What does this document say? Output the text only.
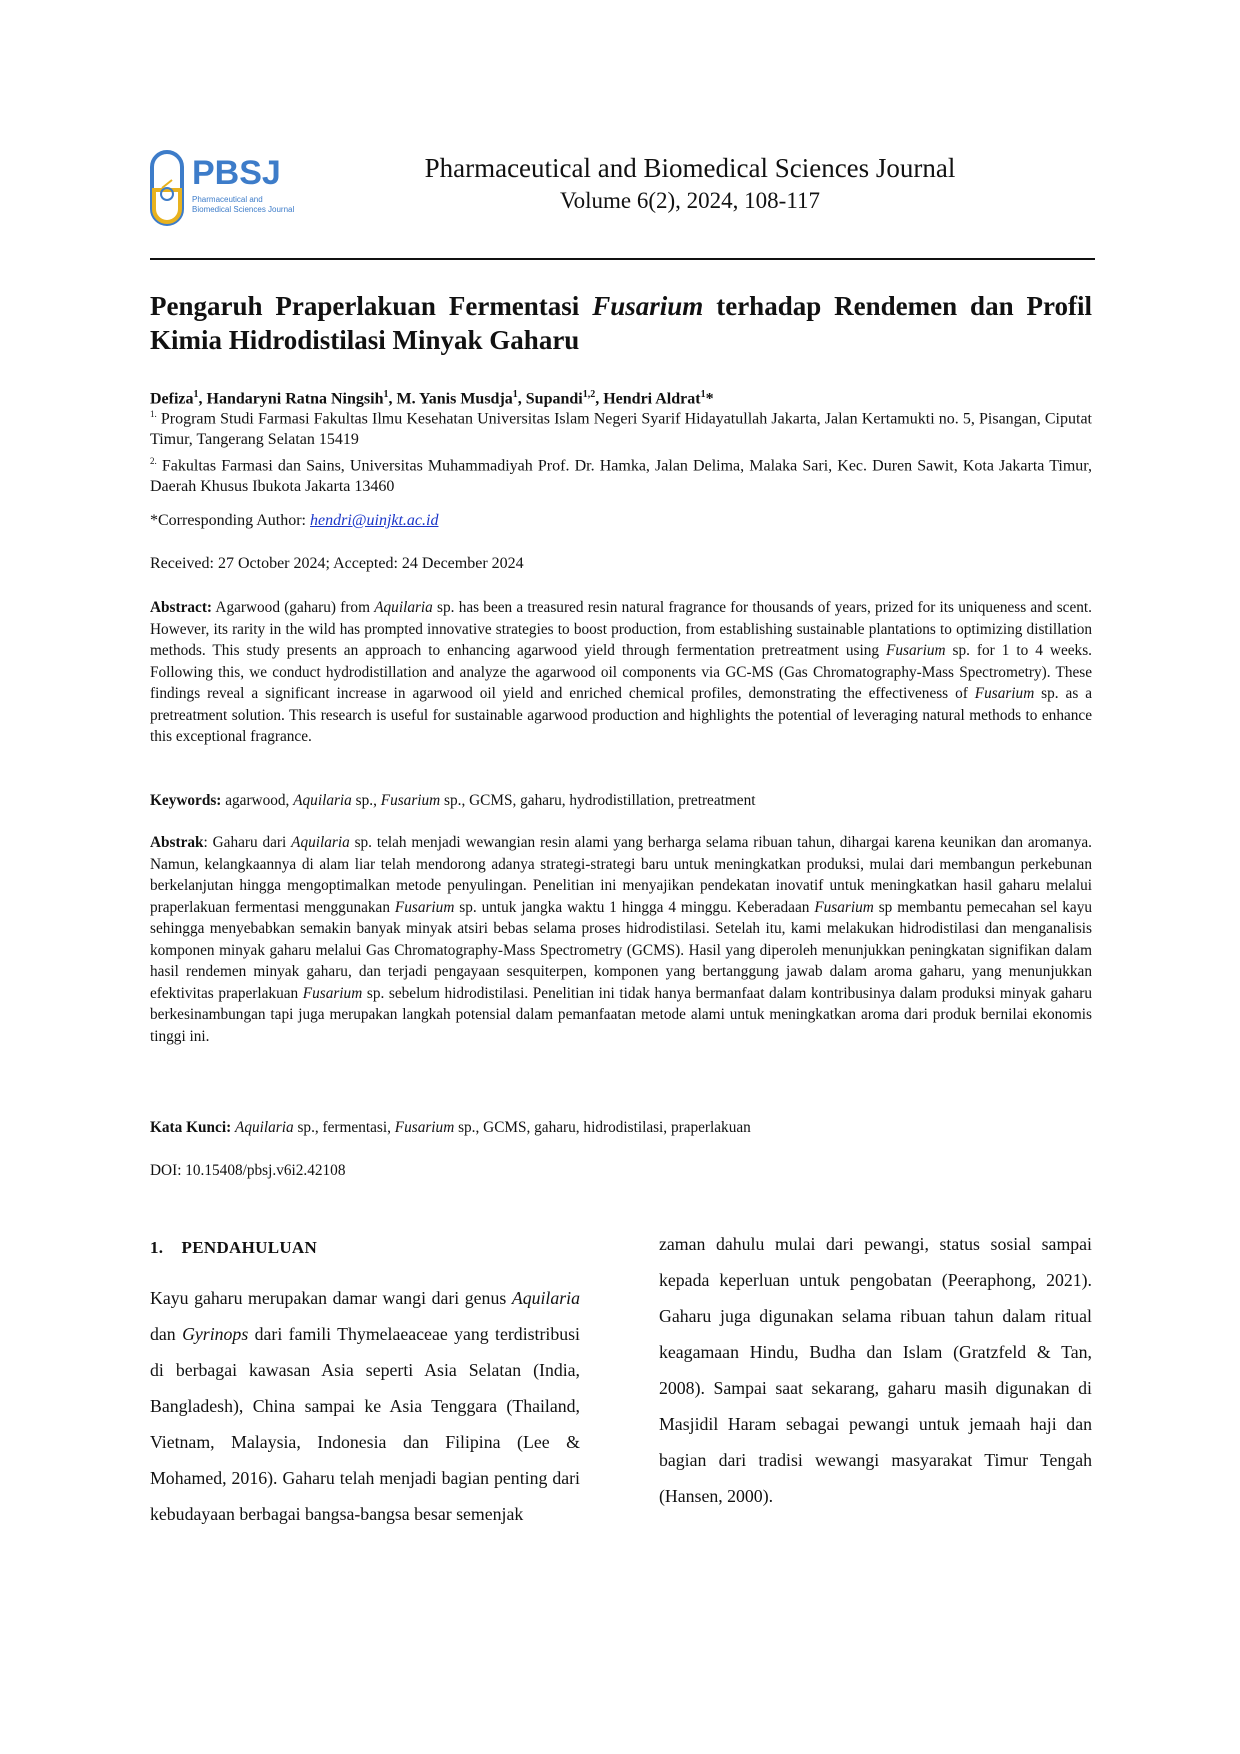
PBSJ
Pharmaceutical and
Biomedical Sciences Journal
Pharmaceutical and Biomedical Sciences Journal
Volume 6(2), 2024, 108-117
Pengaruh Praperlakuan Fermentasi Fusarium terhadap Rendemen dan Profil Kimia Hidrodistilasi Minyak Gaharu
Defiza$^1$, Handaryni Ratna Ningsih$^1$, M. Yanis Musdja$^1$, Supandi$^{1,2}$, Hendri Aldrat$^1$*
$^{1.}$ Program Studi Farmasi Fakultas Ilmu Kesehatan Universitas Islam Negeri Syarif Hidayatullah Jakarta, Jalan Kertamukti no. 5, Pisangan, Ciputat Timur, Tangerang Selatan 15419
$^{2.}$ Fakultas Farmasi dan Sains, Universitas Muhammadiyah Prof. Dr. Hamka, Jalan Delima, Malaka Sari, Kec. Duren Sawit, Kota Jakarta Timur, Daerah Khusus Ibukota Jakarta 13460
*Corresponding Author: hendri@uinjkt.ac.id
Received: 27 October 2024; Accepted: 24 December 2024
Abstract: Agarwood (gaharu) from Aquilaria sp. has been a treasured resin natural fragrance for thousands of years, prized for its uniqueness and scent. However, its rarity in the wild has prompted innovative strategies to boost production, from establishing sustainable plantations to optimizing distillation methods. This study presents an approach to enhancing agarwood yield through fermentation pretreatment using Fusarium sp. for 1 to 4 weeks. Following this, we conduct hydrodistillation and analyze the agarwood oil components via GC-MS (Gas Chromatography-Mass Spectrometry). These findings reveal a significant increase in agarwood oil yield and enriched chemical profiles, demonstrating the effectiveness of Fusarium sp. as a pretreatment solution. This research is useful for sustainable agarwood production and highlights the potential of leveraging natural methods to enhance this exceptional fragrance.
Keywords: agarwood, Aquilaria sp., Fusarium sp., GCMS, gaharu, hydrodistillation, pretreatment
Abstrak: Gaharu dari Aquilaria sp. telah menjadi wewangian resin alami yang berharga selama ribuan tahun, dihargai karena keunikan dan aromanya. Namun, kelangkaannya di alam liar telah mendorong adanya strategi-strategi baru untuk meningkatkan produksi, mulai dari membangun perkebunan berkelanjutan hingga mengoptimalkan metode penyulingan. Penelitian ini menyajikan pendekatan inovatif untuk meningkatkan hasil gaharu melalui praperlakuan fermentasi menggunakan Fusarium sp. untuk jangka waktu 1 hingga 4 minggu. Keberadaan Fusarium sp membantu pemecahan sel kayu sehingga menyebabkan semakin banyak minyak atsiri bebas selama proses hidrodistilasi. Setelah itu, kami melakukan hidrodistilasi dan menganalisis komponen minyak gaharu melalui Gas Chromatography-Mass Spectrometry (GCMS). Hasil yang diperoleh menunjukkan peningkatan signifikan dalam hasil rendemen minyak gaharu, dan terjadi pengayaan sesquiterpen, komponen yang bertanggung jawab dalam aroma gaharu, yang menunjukkan efektivitas praperlakuan Fusarium sp. sebelum hidrodistilasi. Penelitian ini tidak hanya bermanfaat dalam kontribusinya dalam produksi minyak gaharu berkesinambungan tapi juga merupakan langkah potensial dalam pemanfaatan metode alami untuk meningkatkan aroma dari produk bernilai ekonomis tinggi ini.
Kata Kunci: Aquilaria sp., fermentasi, Fusarium sp., GCMS, gaharu, hidrodistilasi, praperlakuan
DOI: 10.15408/pbsj.v6i2.42108
1.    PENDAHULUAN
Kayu gaharu merupakan damar wangi dari genus Aquilaria dan Gyrinops dari famili Thymelaeaceae yang terdistribusi di berbagai kawasan Asia seperti Asia Selatan (India, Bangladesh), China sampai ke Asia Tenggara (Thailand, Vietnam, Malaysia, Indonesia dan Filipina (Lee & Mohamed, 2016). Gaharu telah menjadi bagian penting dari kebudayaan berbagai bangsa-bangsa besar semenjak
zaman dahulu mulai dari pewangi, status sosial sampai kepada keperluan untuk pengobatan (Peeraphong, 2021). Gaharu juga digunakan selama ribuan tahun dalam ritual keagamaan Hindu, Budha dan Islam (Gratzfeld & Tan, 2008). Sampai saat sekarang, gaharu masih digunakan di Masjidil Haram sebagai pewangi untuk jemaah haji dan bagian dari tradisi wewangi masyarakat Timur Tengah (Hansen, 2000).
